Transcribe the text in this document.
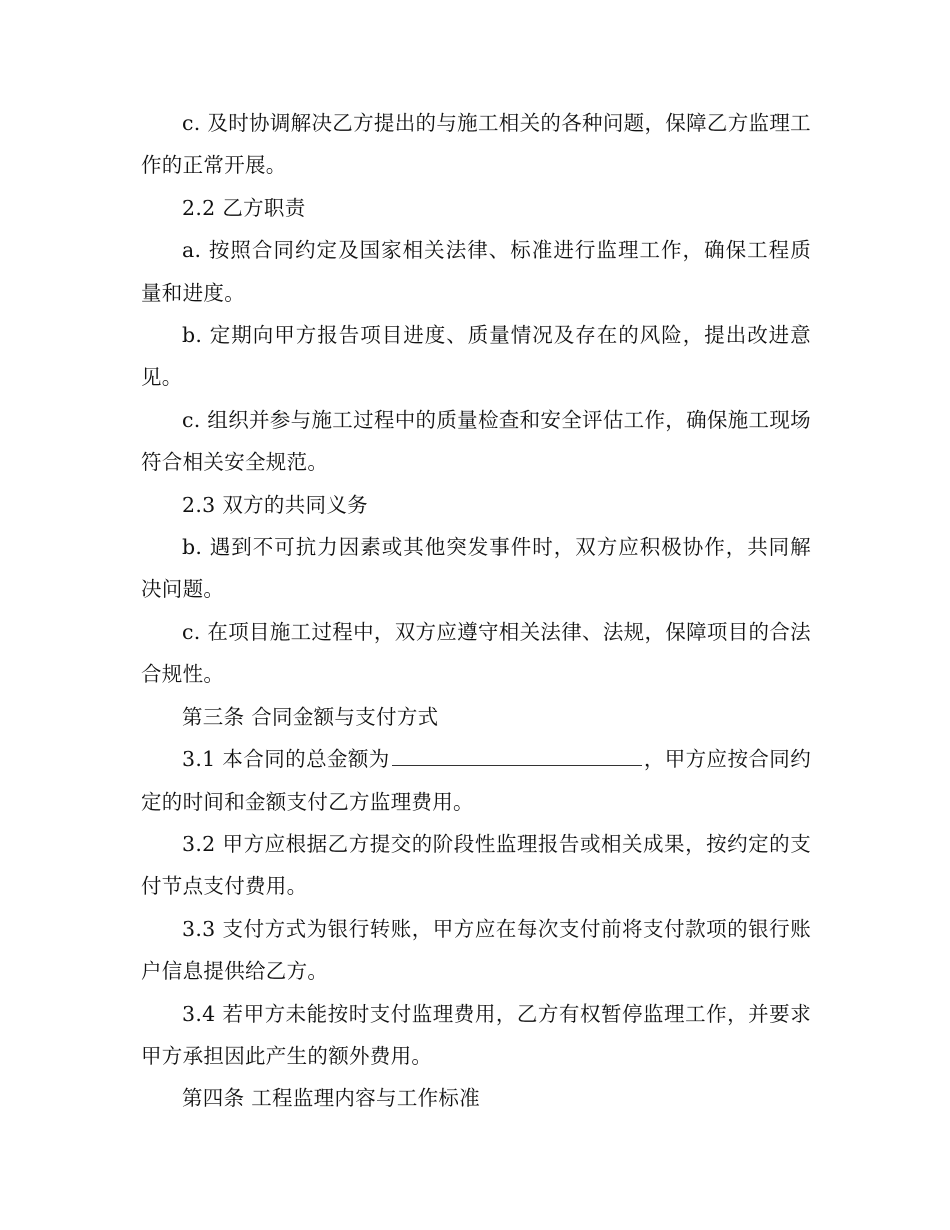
c. 及时协调解决乙方提出的与施工相关的各种问题，保障乙方监理工作的正常开展。

2.2 乙方职责

a. 按照合同约定及国家相关法律、标准进行监理工作，确保工程质量和进度。

b. 定期向甲方报告项目进度、质量情况及存在的风险，提出改进意见。

c. 组织并参与施工过程中的质量检查和安全评估工作，确保施工现场符合相关安全规范。

2.3 双方的共同义务

b. 遇到不可抗力因素或其他突发事件时，双方应积极协作，共同解决问题。

c. 在项目施工过程中，双方应遵守相关法律、法规，保障项目的合法合规性。

第三条 合同金额与支付方式

3.1 本合同的总金额为	，甲方应按合同约定的时间和金额支付乙方监理费用。

3.2 甲方应根据乙方提交的阶段性监理报告或相关成果，按约定的支付节点支付费用。

3.3 支付方式为银行转账，甲方应在每次支付前将支付款项的银行账户信息提供给乙方。

3.4 若甲方未能按时支付监理费用，乙方有权暂停监理工作，并要求甲方承担因此产生的额外费用。

第四条 工程监理内容与工作标准
